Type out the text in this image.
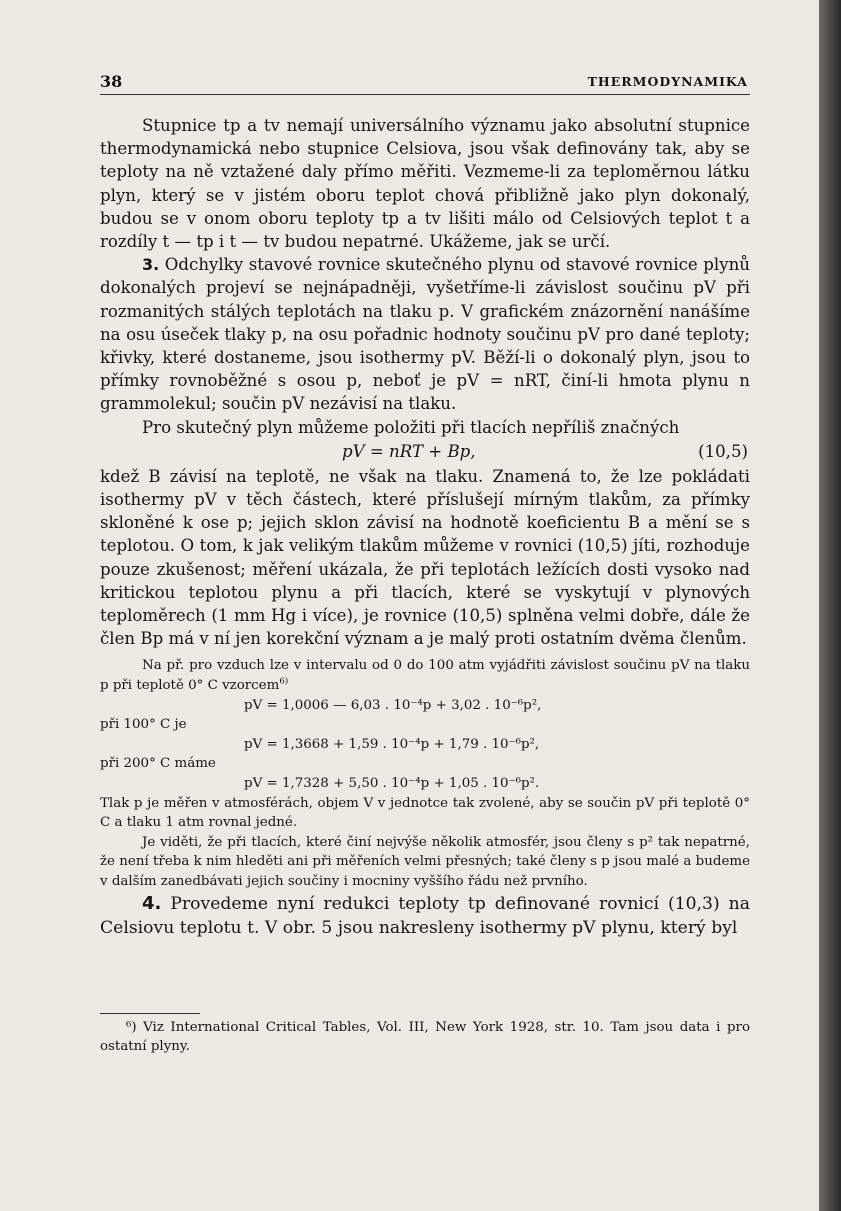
38	THERMODYNAMIKA

Stupnice tp a tv nemají universálního významu jako absolutní stupnice thermodynamická nebo stupnice Celsiova, jsou však definovány tak, aby se teploty na ně vztažené daly přímo měřiti. Vezmeme-li za teploměrnou látku plyn, který se v jistém oboru teplot chová přibližně jako plyn dokonalý, budou se v onom oboru teploty tp a tv lišiti málo od Celsiových teplot t a rozdíly t — tp i t — tv budou nepatrné. Ukážeme, jak se určí.

3. Odchylky stavové rovnice skutečného plynu od stavové rovnice plynů dokonalých projeví se nejnápadněji, vyšetříme-li závislost součinu pV při rozmanitých stálých teplotách na tlaku p. V grafickém znázornění nanášíme na osu úseček tlaky p, na osu pořadnic hodnoty součinu pV pro dané teploty; křivky, které dostaneme, jsou isothermy pV. Běží-li o dokonalý plyn, jsou to přímky rovnoběžné s osou p, neboť je pV = nRT, činí-li hmota plynu n grammolekul; součin pV nezávisí na tlaku.

Pro skutečný plyn můžeme položiti při tlacích nepříliš značných

pV = nRT + Bp,	(10,5)

kdež B závisí na teplotě, ne však na tlaku. Znamená to, že lze pokládati isothermy pV v těch částech, které příslušejí mírným tlakům, za přímky skloněné k ose p; jejich sklon závisí na hodnotě koeficientu B a mění se s teplotou. O tom, k jak velikým tlakům můžeme v rovnici (10,5) jíti, rozhoduje pouze zkušenost; měření ukázala, že při teplotách ležících dosti vysoko nad kritickou teplotou plynu a při tlacích, které se vyskytují v plynových teploměrech (1 mm Hg i více), je rovnice (10,5) splněna velmi dobře, dále že člen Bp má v ní jen korekční význam a je malý proti ostatním dvěma členům.

Na př. pro vzduch lze v intervalu od 0 do 100 atm vyjádřiti závislost součinu pV na tlaku p při teplotě 0° C vzorcem$^{6)}$

pV = 1,0006 — 6,03 . 10⁻⁴p + 3,02 . 10⁻⁶p²,

při 100° C je

pV = 1,3668 + 1,59 . 10⁻⁴p + 1,79 . 10⁻⁶p²,

při 200° C máme

pV = 1,7328 + 5,50 . 10⁻⁴p + 1,05 . 10⁻⁶p².

Tlak p je měřen v atmosférách, objem V v jednotce tak zvolené, aby se součin pV při teplotě 0° C a tlaku 1 atm rovnal jedné.

Je viděti, že při tlacích, které činí nejvýše několik atmosfér, jsou členy s p² tak nepatrné, že není třeba k nim hleděti ani při měřeních velmi přesných; také členy s p jsou malé a budeme v dalším zanedbávati jejich součiny i mocniny vyššího řádu než prvního.

4. Provedeme nyní redukci teploty tp definované rovnicí (10,3) na Celsiovu teplotu t. V obr. 5 jsou nakresleny isothermy pV plynu, který byl

⁶) Viz International Critical Tables, Vol. III, New York 1928, str. 10. Tam jsou data i pro ostatní plyny.
